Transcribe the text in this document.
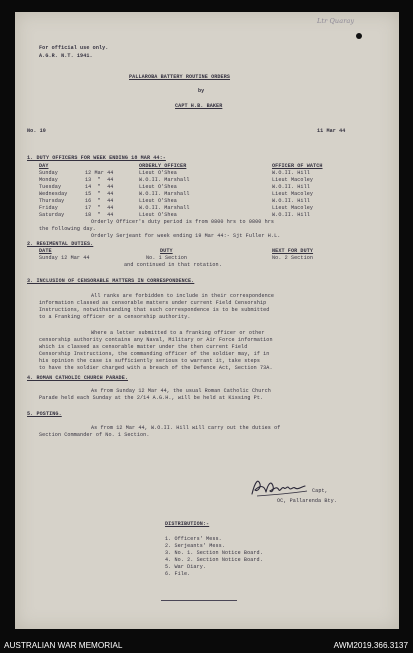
Ltr Quaray
For official use only.
A.G.R. N.T. 1941.
PALLAROBA BATTERY ROUTINE ORDERS
by
CAPT H.B. BAKER
No. 10	11 Mar 44
1. DUTY OFFICERS FOR WEEK ENDING 18 MAR 44:-
DAY	ORDERLY OFFICER	OFFICER OF WATCH
Sunday	12 Mar 44	Lieut O'Shea	W.O.II. Hill
Monday	13  "  44	W.O.II. Marshall	Lieut Macoley
Tuesday	14  "  44	Lieut O'Shea	W.O.II. Hill
Wednesday	15  "  44	W.O.II. Marshall	Lieut Macoley
Thursday	16  "  44	Lieut O'Shea	W.O.II. Hill
Friday	17  "  44	W.O.II. Marshall	Lieut Macoley
Saturday	18  "  44	Lieut O'Shea	W.O.II. Hill
Orderly Officer's duty period is from 0800 hrs to 0800 hrs
the following day.
Orderly Serjeant for week ending 19 Mar 44:- Sjt Fuller H.L.
2. REGIMENTAL DUTIES.
DATE	DUTY	NEXT FOR DUTY
Sunday 12 Mar 44	No. 1 Section	No. 2 Section
and continued in that rotation.
3. INCLUSION OF CENSORABLE MATTERS IN CORRESPONDENCE.
All ranks are forbidden to include in their correspondence
information classed as censorable matters under current Field Censorship
Instructions, notwithstanding that such correspondence is to be submitted
to a Franking officer or a censorship authority.
Where a letter submitted to a franking officer or other
censorship authority contains any Naval, Military or Air Force information
which is classed as censorable matter under the then current Field
Censorship Instructions, the commanding officer of the soldier may, if in
his opinion the case is sufficiently serious to warrant it, take steps
to have the soldier charged with a breach of the Defence Act, Section 73A.
4. ROMAN CATHOLIC CHURCH PARADE.
As from Sunday 12 Mar 44, the usual Roman Catholic Church
Parade held each Sunday at the 2/14 A.G.H., will be held at Kissing Pt.
5. POSTING.
As from 12 Mar 44, W.O.II. Hill will carry out the duties of
Section Commander of No. 1 Section.
Capt,
OC, Pallarenda Bty.
DISTRIBUTION:-
1. Officers' Mess.
2. Serjeants' Mess.
3. No. 1. Section Notice Board.
4. No. 2. Section Notice Board.
5. War Diary.
6. File.
AUSTRALIAN WAR MEMORIAL	AWM2019.366.3137
